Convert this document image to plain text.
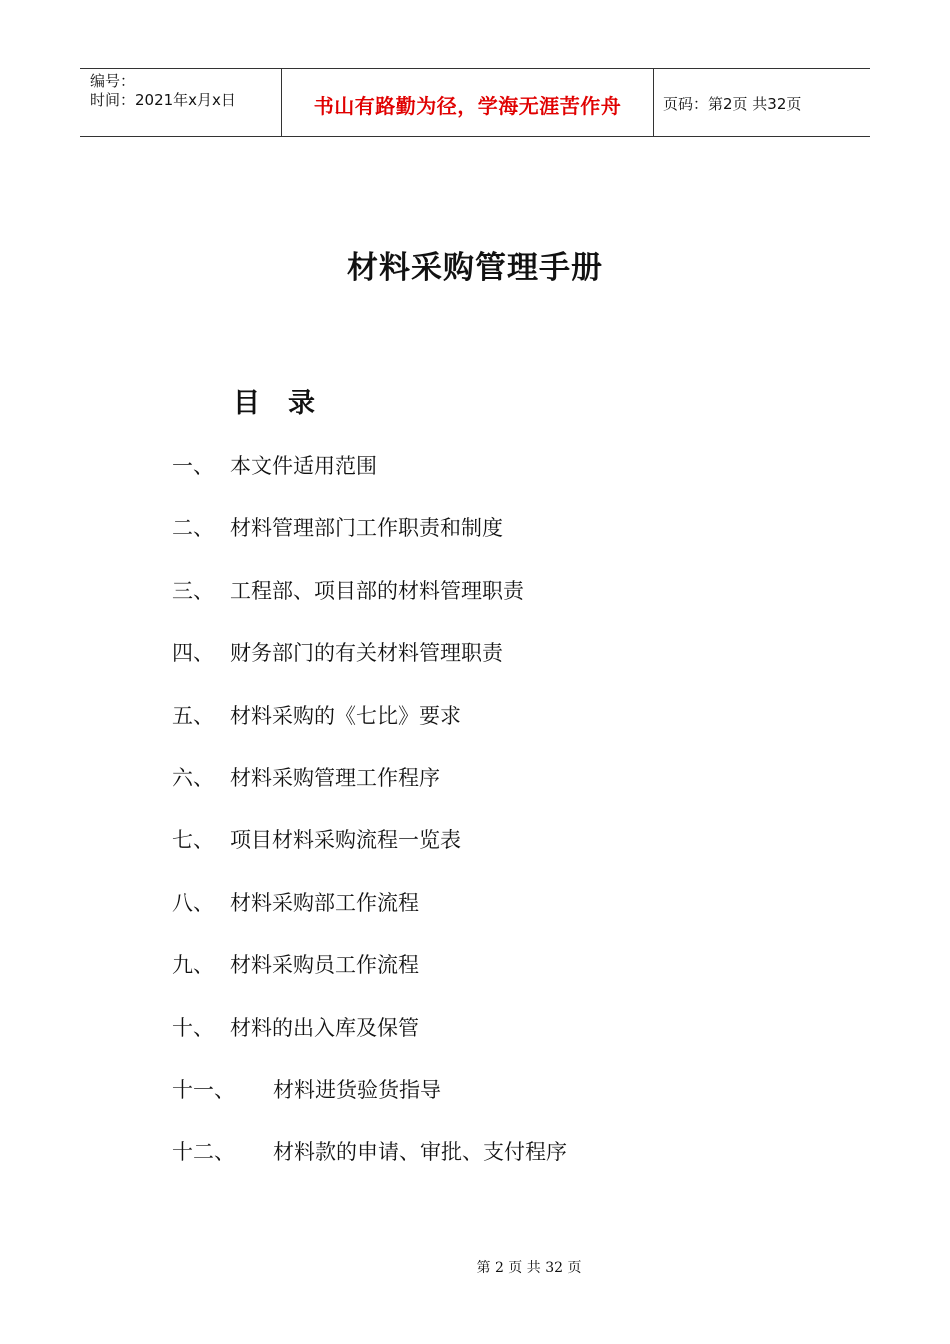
编号：
时间：2021年x月x日	书山有路勤为径，学海无涯苦作舟	页码：第2页 共32页
材料采购管理手册
目 录
一、 本文件适用范围
二、 材料管理部门工作职责和制度
三、 工程部、项目部的材料管理职责
四、 财务部门的有关材料管理职责
五、 材料采购的《七比》要求
六、 材料采购管理工作程序
七、 项目材料采购流程一览表
八、 材料采购部工作流程
九、 材料采购员工作流程
十、 材料的出入库及保管
十一、	材料进货验货指导
十二、	材料款的申请、审批、支付程序
第 2 页 共 32 页
